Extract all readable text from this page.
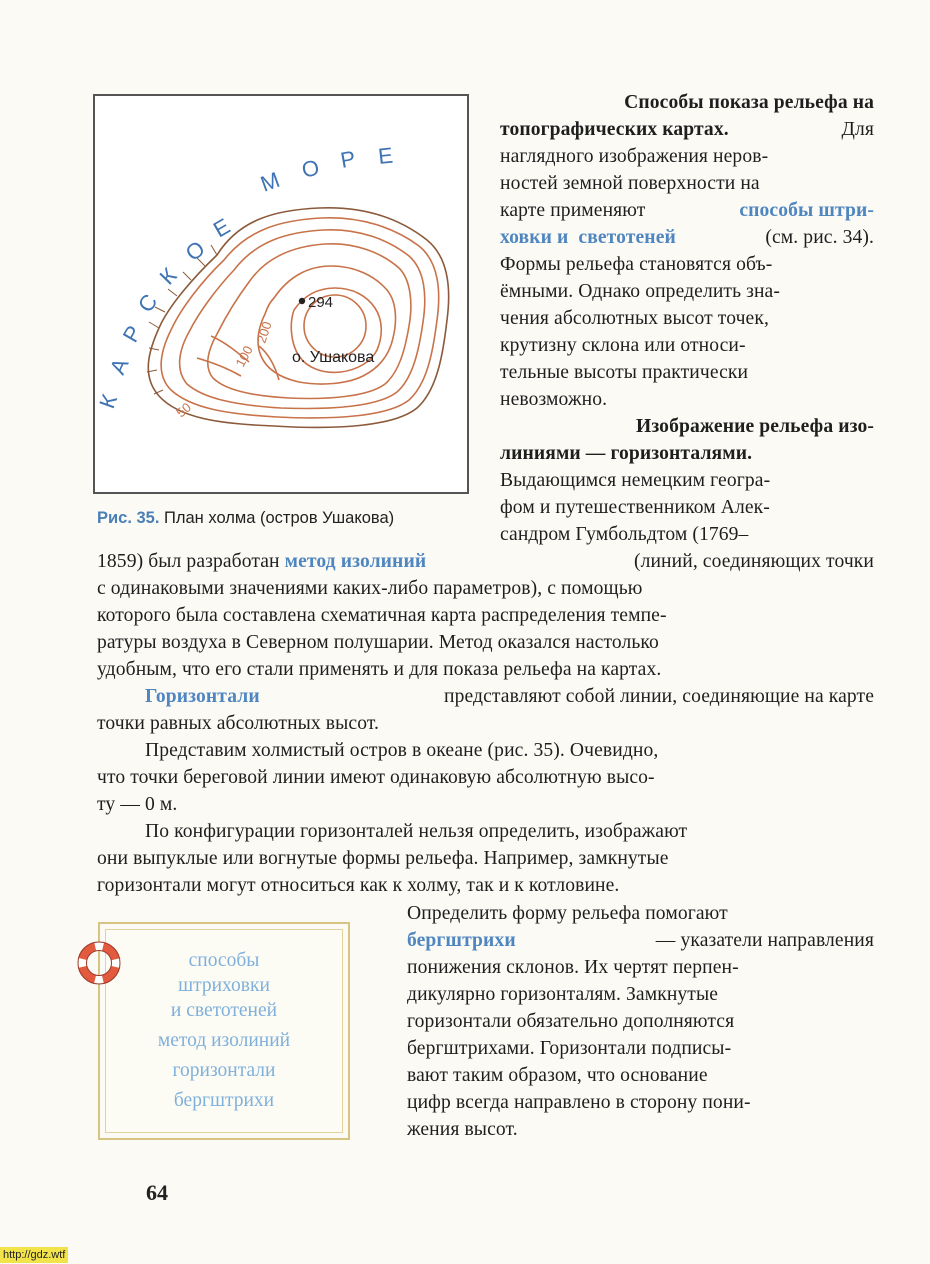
К
А
Р
С
К
О
Е
М О Р Е
294
о. Ушакова
200
100
50
Рис. 35. План холма (остров Ушакова)
Способы показа рельефа на
топографических картах.	Для
наглядного изображения неров-
ностей земной поверхности на
карте применяют	способы штри-
ховки и  светотеней	(см. рис. 34).
Формы рельефа становятся объ-
ёмными. Однако определить зна-
чения абсолютных высот точек,
крутизну склона или относи-
тельные высоты практически
невозможно.
Изображение рельефа изо-
линиями — горизонталями.
Выдающимся немецким геогра-
фом и путешественником Алек-
сандром Гумбольдтом (1769–
1859) был разработан метод изолиний	(линий, соединяющих точки
с одинаковыми значениями каких-либо параметров), с помощью
которого была составлена схематичная карта распределения темпе-
ратуры воздуха в Северном полушарии. Метод оказался настолько
удобным, что его стали применять и для показа рельефа на картах.
Горизонтали	представляют собой линии, соединяющие на карте
точки равных абсолютных высот.
Представим холмистый остров в океане (рис. 35). Очевидно,
что точки береговой линии имеют одинаковую абсолютную высо-
ту — 0 м.
По конфигурации горизонталей нельзя определить, изображают
они выпуклые или вогнутые формы рельефа. Например, замкнутые
горизонтали могут относиться как к холму, так и к котловине.
Определить форму рельефа помогают
бергштрихи	— указатели направления
понижения склонов. Их чертят перпен-
дикулярно горизонталям. Замкнутые
горизонтали обязательно дополняются
бергштрихами. Горизонтали подписы-
вают таким образом, что основание
цифр всегда направлено в сторону пони-
жения высот.
способы
штриховки
и светотеней
метод изолиний
горизонтали
бергштрихи
64
http://gdz.wtf
